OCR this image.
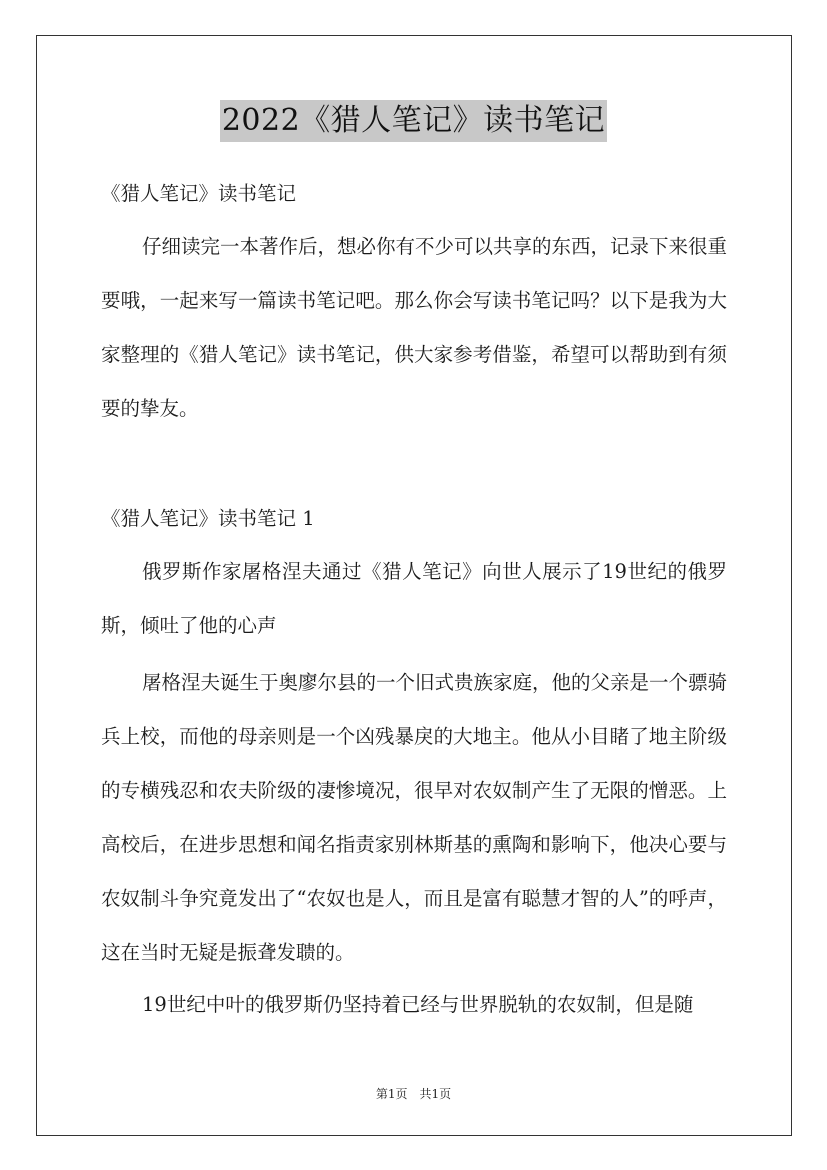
2022《猎人笔记》读书笔记

《猎人笔记》读书笔记

仔细读完一本著作后，想必你有不少可以共享的东西，记录下来很重要哦，一起来写一篇读书笔记吧。那么你会写读书笔记吗？以下是我为大家整理的《猎人笔记》读书笔记，供大家参考借鉴，希望可以帮助到有须要的挚友。

《猎人笔记》读书笔记 1

俄罗斯作家屠格涅夫通过《猎人笔记》向世人展示了19世纪的俄罗斯，倾吐了他的心声

屠格涅夫诞生于奥廖尔县的一个旧式贵族家庭，他的父亲是一个骠骑兵上校，而他的母亲则是一个凶残暴戾的大地主。他从小目睹了地主阶级的专横残忍和农夫阶级的凄惨境况，很早对农奴制产生了无限的憎恶。上高校后，在进步思想和闻名指责家别林斯基的熏陶和影响下，他决心要与农奴制斗争究竟发出了“农奴也是人，而且是富有聪慧才智的人”的呼声，这在当时无疑是振聋发聩的。

19世纪中叶的俄罗斯仍坚持着已经与世界脱轨的农奴制，但是随

第1页 共1页
